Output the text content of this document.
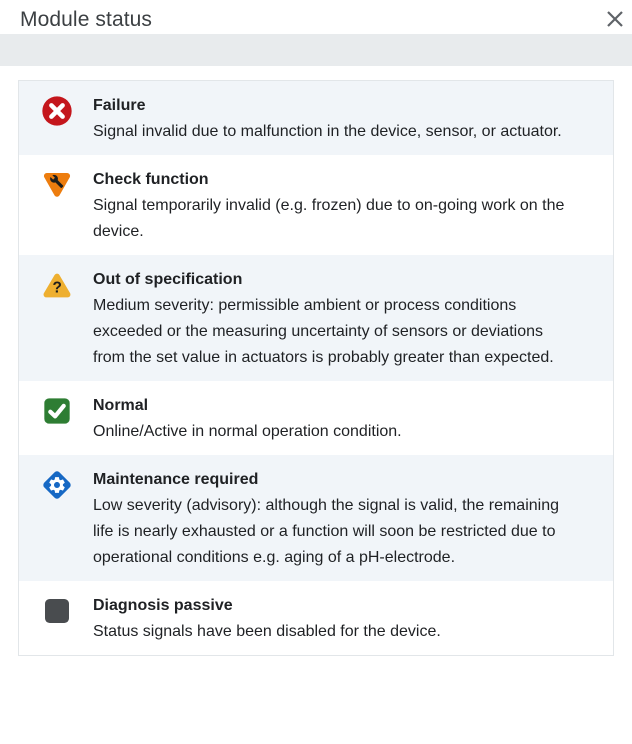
Module status
Failure
Signal invalid due to malfunction in the device, sensor, or actuator.
Check function
Signal temporarily invalid (e.g. frozen) due to on-going work on the device.
? Out of specification
Medium severity: permissible ambient or process conditions exceeded or the measuring uncertainty of sensors or deviations from the set value in actuators is probably greater than expected.
Normal
Online/Active in normal operation condition.
Maintenance required
Low severity (advisory): although the signal is valid, the remaining life is nearly exhausted or a function will soon be restricted due to operational conditions e.g. aging of a pH-electrode.
Diagnosis passive
Status signals have been disabled for the device.
